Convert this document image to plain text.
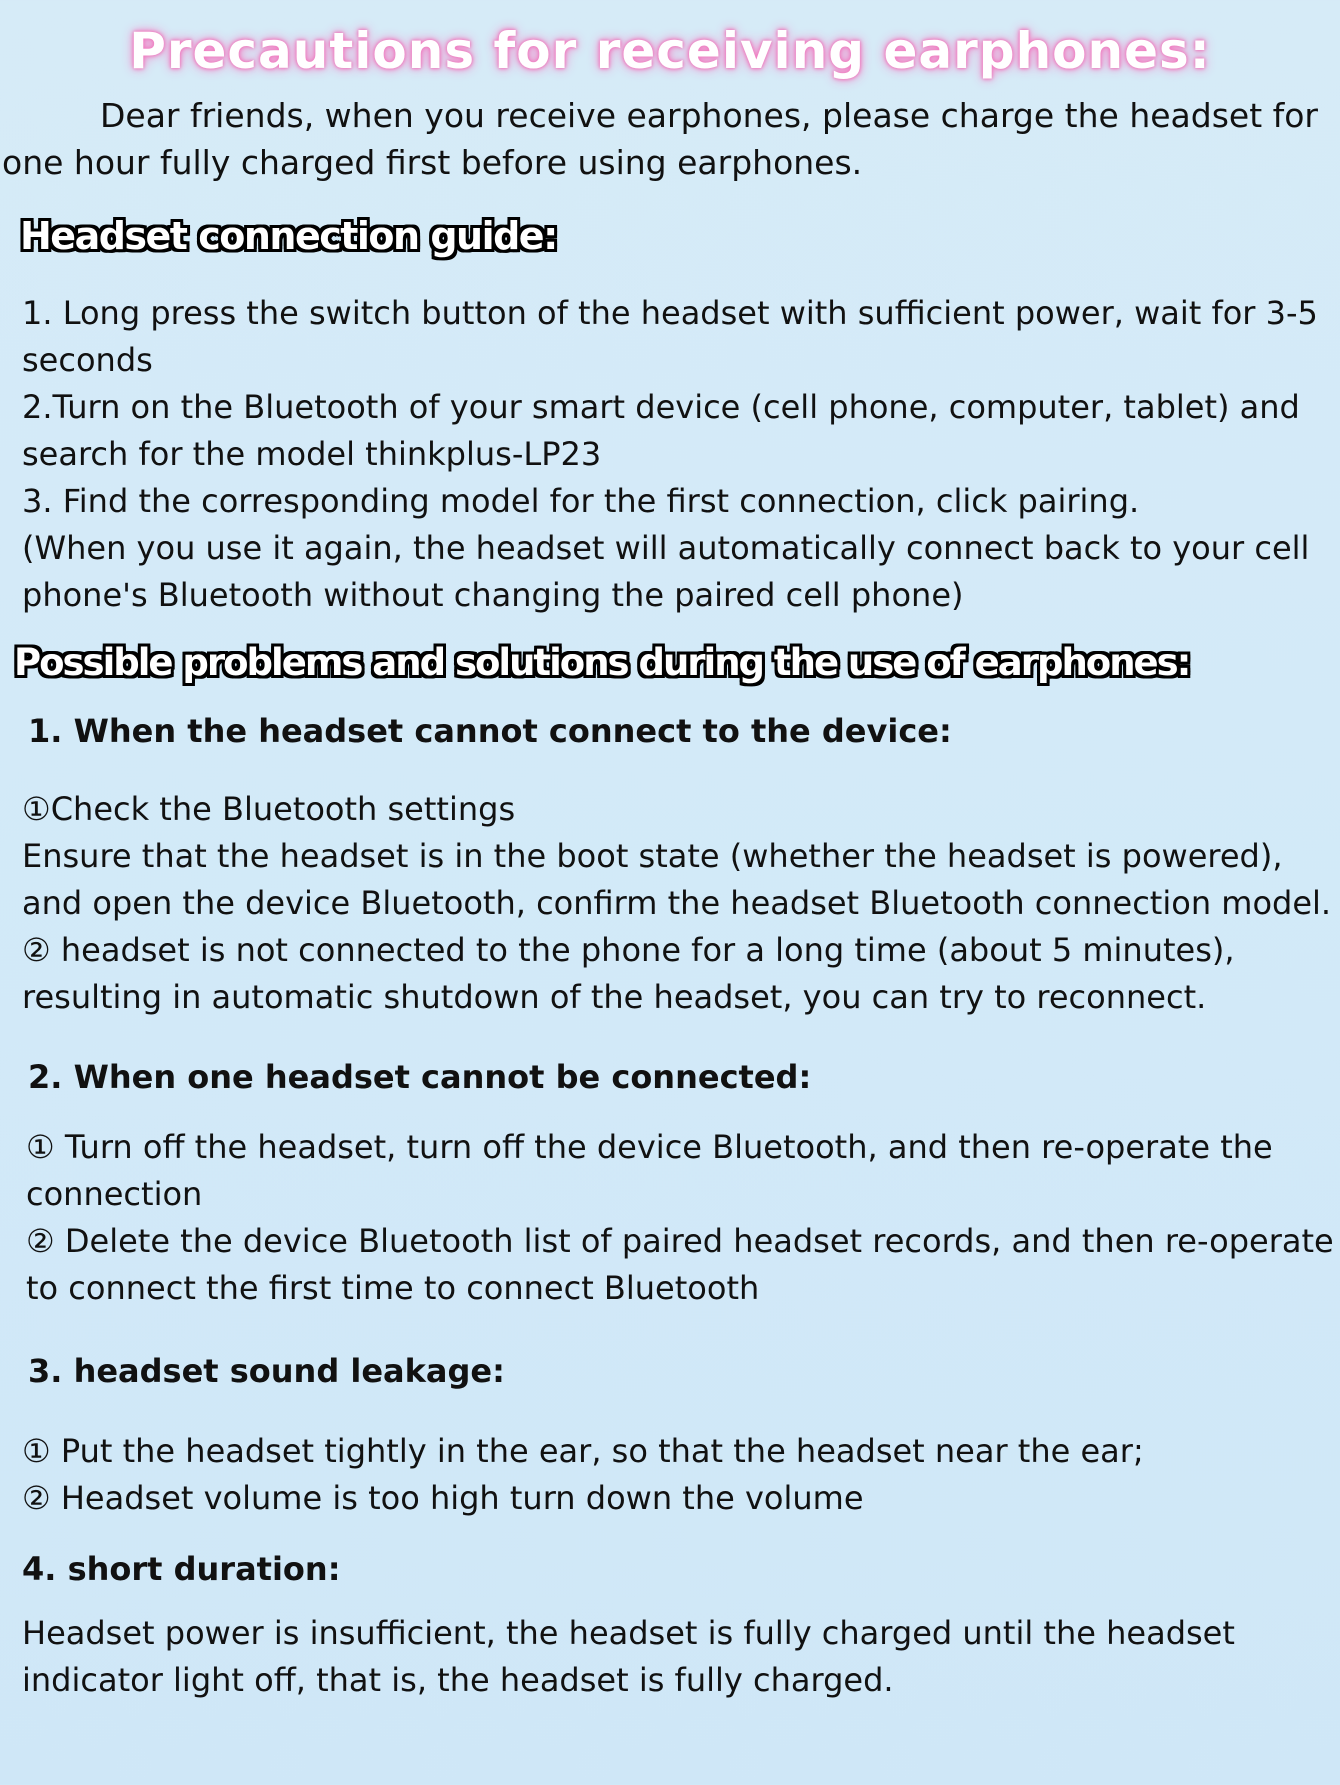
Precautions for receiving earphones:

Dear friends, when you receive earphones, please charge the headset for one hour fully charged first before using earphones.

Headset connection guide:

1. Long press the switch button of the headset with sufficient power, wait for 3-5 seconds

2.Turn on the Bluetooth of your smart device (cell phone, computer, tablet) and search for the model thinkplus-LP23

3. Find the corresponding model for the first connection, click pairing.

(When you use it again, the headset will automatically connect back to your cell phone's Bluetooth without changing the paired cell phone)

Possible problems and solutions during the use of earphones:
1. When the headset cannot connect to the device:

①Check the Bluetooth settings

Ensure that the headset is in the boot state (whether the headset is powered), and open the device Bluetooth, confirm the headset Bluetooth connection model.

② headset is not connected to the phone for a long time (about 5 minutes), resulting in automatic shutdown of the headset, you can try to reconnect.

2. When one headset cannot be connected:

① Turn off the headset, turn off the device Bluetooth, and then re-operate the connection

② Delete the device Bluetooth list of paired headset records, and then re-operate to connect the first time to connect Bluetooth

3. headset sound leakage:

① Put the headset tightly in the ear, so that the headset near the ear;

② Headset volume is too high turn down the volume

4. short duration:

Headset power is insufficient, the headset is fully charged until the headset indicator light off, that is, the headset is fully charged.
